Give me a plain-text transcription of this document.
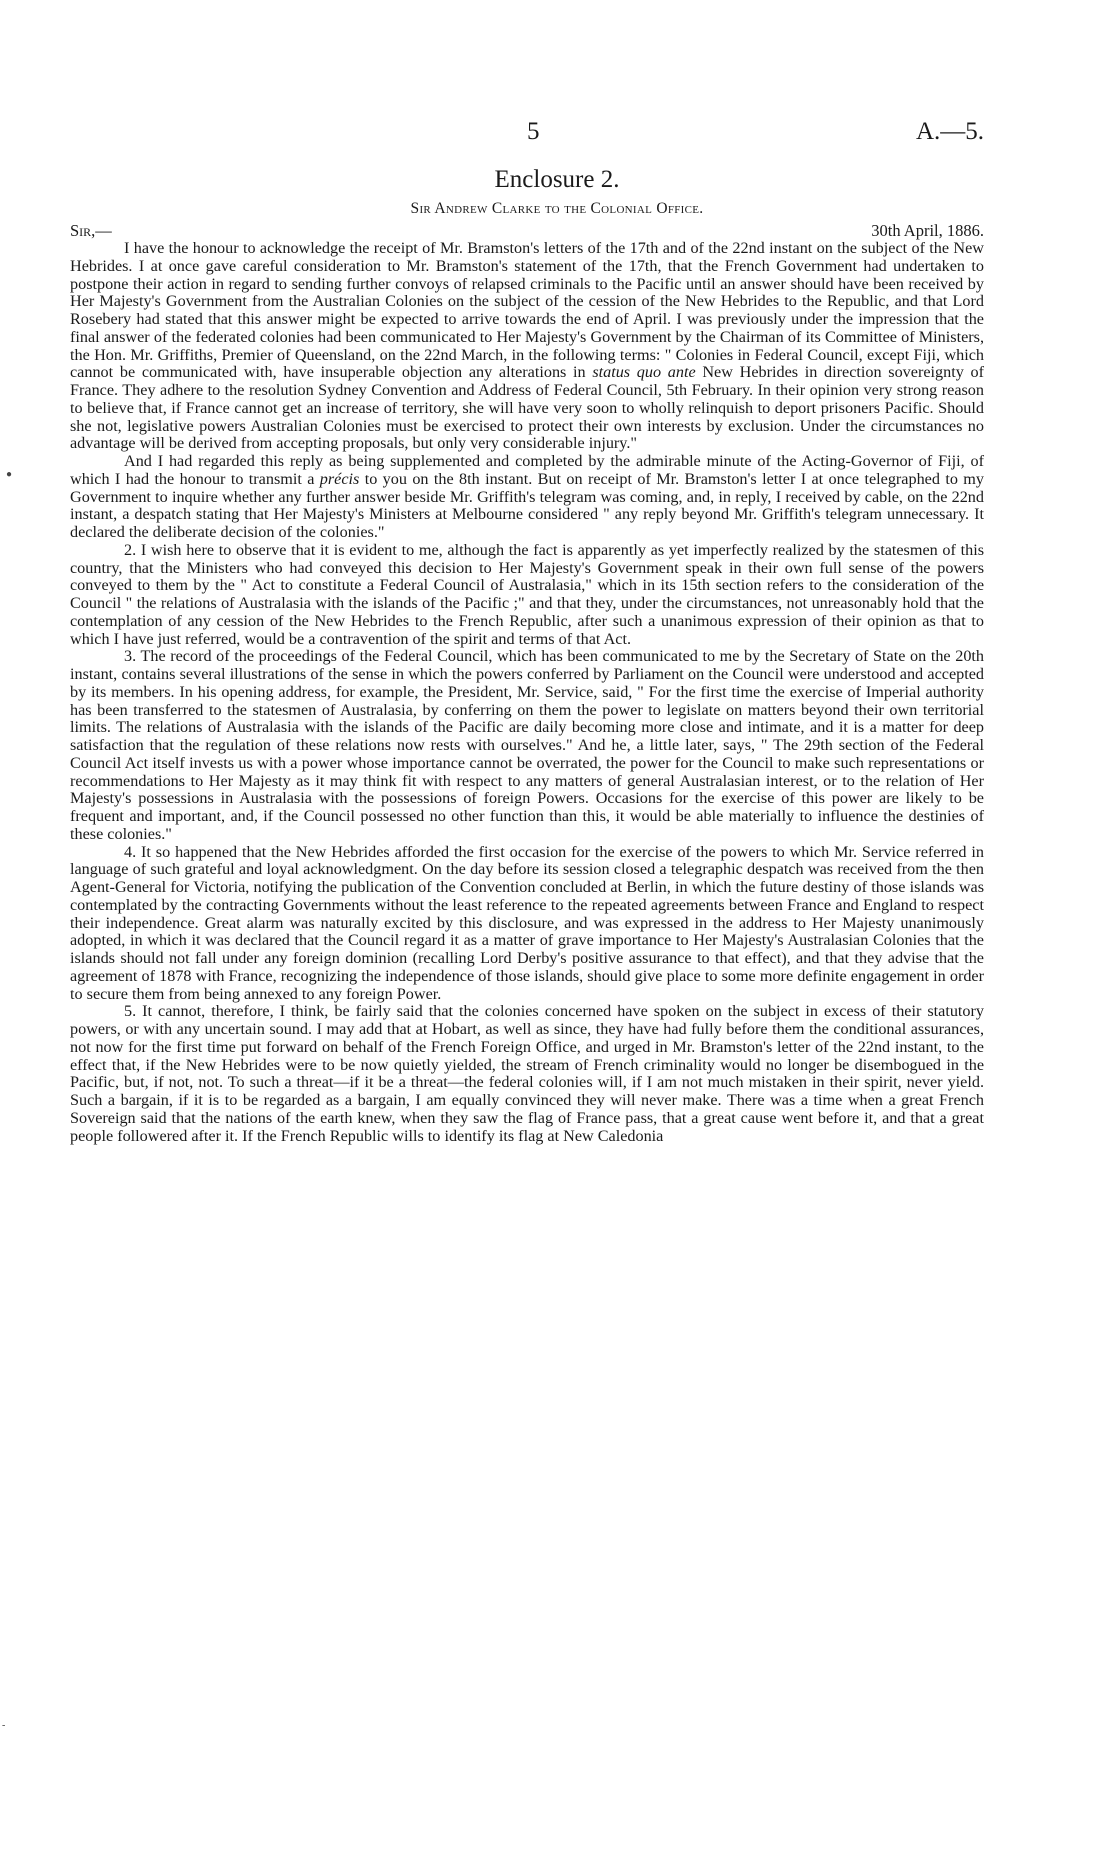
5	A.—5.
Enclosure 2.
Sir Andrew Clarke to the Colonial Office.
Sir,—	30th April, 1886.

I have the honour to acknowledge the receipt of Mr. Bramston's letters of the 17th and of the 22nd instant on the subject of the New Hebrides. I at once gave careful consideration to Mr. Bramston's statement of the 17th, that the French Government had undertaken to postpone their action in regard to sending further convoys of relapsed criminals to the Pacific until an answer should have been received by Her Majesty's Government from the Australian Colonies on the subject of the cession of the New Hebrides to the Republic, and that Lord Rosebery had stated that this answer might be expected to arrive towards the end of April. I was previously under the impression that the final answer of the federated colonies had been communicated to Her Majesty's Government by the Chairman of its Committee of Ministers, the Hon. Mr. Griffiths, Premier of Queensland, on the 22nd March, in the following terms: " Colonies in Federal Council, except Fiji, which cannot be communicated with, have insuperable objection any alterations in status quo ante New Hebrides in direction sovereignty of France. They adhere to the resolution Sydney Convention and Address of Federal Council, 5th February. In their opinion very strong reason to believe that, if France cannot get an increase of territory, she will have very soon to wholly relinquish to deport prisoners Pacific. Should she not, legislative powers Australian Colonies must be exercised to protect their own interests by exclusion. Under the circumstances no advantage will be derived from accepting proposals, but only very considerable injury."

And I had regarded this reply as being supplemented and completed by the admirable minute of the Acting-Governor of Fiji, of which I had the honour to transmit a précis to you on the 8th instant. But on receipt of Mr. Bramston's letter I at once telegraphed to my Government to inquire whether any further answer beside Mr. Griffith's telegram was coming, and, in reply, I received by cable, on the 22nd instant, a despatch stating that Her Majesty's Ministers at Melbourne considered " any reply beyond Mr. Griffith's telegram unnecessary. It declared the deliberate decision of the colonies."

2. I wish here to observe that it is evident to me, although the fact is apparently as yet imperfectly realized by the statesmen of this country, that the Ministers who had conveyed this decision to Her Majesty's Government speak in their own full sense of the powers conveyed to them by the " Act to constitute a Federal Council of Australasia," which in its 15th section refers to the consideration of the Council " the relations of Australasia with the islands of the Pacific ;" and that they, under the circumstances, not unreasonably hold that the contemplation of any cession of the New Hebrides to the French Republic, after such a unanimous expression of their opinion as that to which I have just referred, would be a contravention of the spirit and terms of that Act.

3. The record of the proceedings of the Federal Council, which has been communicated to me by the Secretary of State on the 20th instant, contains several illustrations of the sense in which the powers conferred by Parliament on the Council were understood and accepted by its members. In his opening address, for example, the President, Mr. Service, said, " For the first time the exercise of Imperial authority has been transferred to the statesmen of Australasia, by conferring on them the power to legislate on matters beyond their own territorial limits. The relations of Australasia with the islands of the Pacific are daily becoming more close and intimate, and it is a matter for deep satisfaction that the regulation of these relations now rests with ourselves." And he, a little later, says, " The 29th section of the Federal Council Act itself invests us with a power whose importance cannot be overrated, the power for the Council to make such representations or recommendations to Her Majesty as it may think fit with respect to any matters of general Australasian interest, or to the relation of Her Majesty's possessions in Australasia with the possessions of foreign Powers. Occasions for the exercise of this power are likely to be frequent and important, and, if the Council possessed no other function than this, it would be able materially to influence the destinies of these colonies."

4. It so happened that the New Hebrides afforded the first occasion for the exercise of the powers to which Mr. Service referred in language of such grateful and loyal acknowledgment. On the day before its session closed a telegraphic despatch was received from the then Agent-General for Victoria, notifying the publication of the Convention concluded at Berlin, in which the future destiny of those islands was contemplated by the contracting Governments without the least reference to the repeated agreements between France and England to respect their independence. Great alarm was naturally excited by this disclosure, and was expressed in the address to Her Majesty unanimously adopted, in which it was declared that the Council regard it as a matter of grave importance to Her Majesty's Australasian Colonies that the islands should not fall under any foreign dominion (recalling Lord Derby's positive assurance to that effect), and that they advise that the agreement of 1878 with France, recognizing the independence of those islands, should give place to some more definite engagement in order to secure them from being annexed to any foreign Power.

5. It cannot, therefore, I think, be fairly said that the colonies concerned have spoken on the subject in excess of their statutory powers, or with any uncertain sound. I may add that at Hobart, as well as since, they have had fully before them the conditional assurances, not now for the first time put forward on behalf of the French Foreign Office, and urged in Mr. Bramston's letter of the 22nd instant, to the effect that, if the New Hebrides were to be now quietly yielded, the stream of French criminality would no longer be disembogued in the Pacific, but, if not, not. To such a threat—if it be a threat—the federal colonies will, if I am not much mistaken in their spirit, never yield. Such a bargain, if it is to be regarded as a bargain, I am equally convinced they will never make. There was a time when a great French Sovereign said that the nations of the earth knew, when they saw the flag of France pass, that a great cause went before it, and that a great people followered after it. If the French Republic wills to identify its flag at New Caledonia

●
-
